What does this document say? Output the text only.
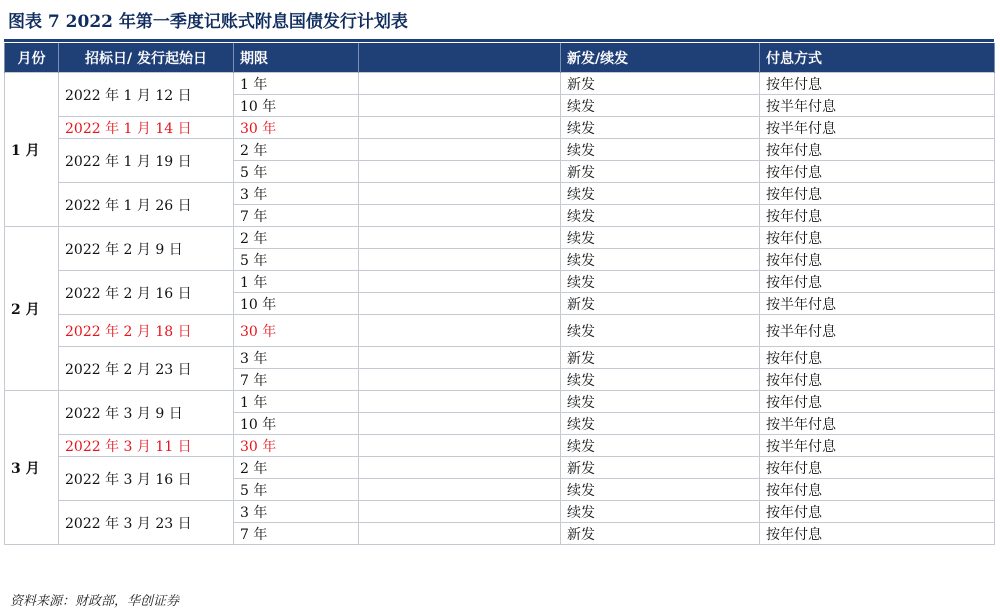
图表 7 2022 年第一季度记账式附息国债发行计划表
月份	招标日/ 发行起始日	期限		新发/续发	付息方式
1 月	2022 年 1 月 12 日	1 年		新发	按年付息
		10 年		续发	按半年付息
	2022 年 1 月 14 日	30 年		续发	按半年付息
	2022 年 1 月 19 日	2 年		续发	按年付息
		5 年		新发	按年付息
	2022 年 1 月 26 日	3 年		续发	按年付息
		7 年		续发	按年付息
2 月	2022 年 2 月 9 日	2 年		续发	按年付息
		5 年		续发	按年付息
	2022 年 2 月 16 日	1 年		续发	按年付息
		10 年		新发	按半年付息
	2022 年 2 月 18 日	30 年		续发	按半年付息
	2022 年 2 月 23 日	3 年		新发	按年付息
		7 年		续发	按年付息
3 月	2022 年 3 月 9 日	1 年		续发	按年付息
		10 年		续发	按半年付息
	2022 年 3 月 11 日	30 年		续发	按半年付息
	2022 年 3 月 16 日	2 年		新发	按年付息
		5 年		续发	按年付息
	2022 年 3 月 23 日	3 年		续发	按年付息
		7 年		新发	按年付息
资料来源：财政部，华创证券
